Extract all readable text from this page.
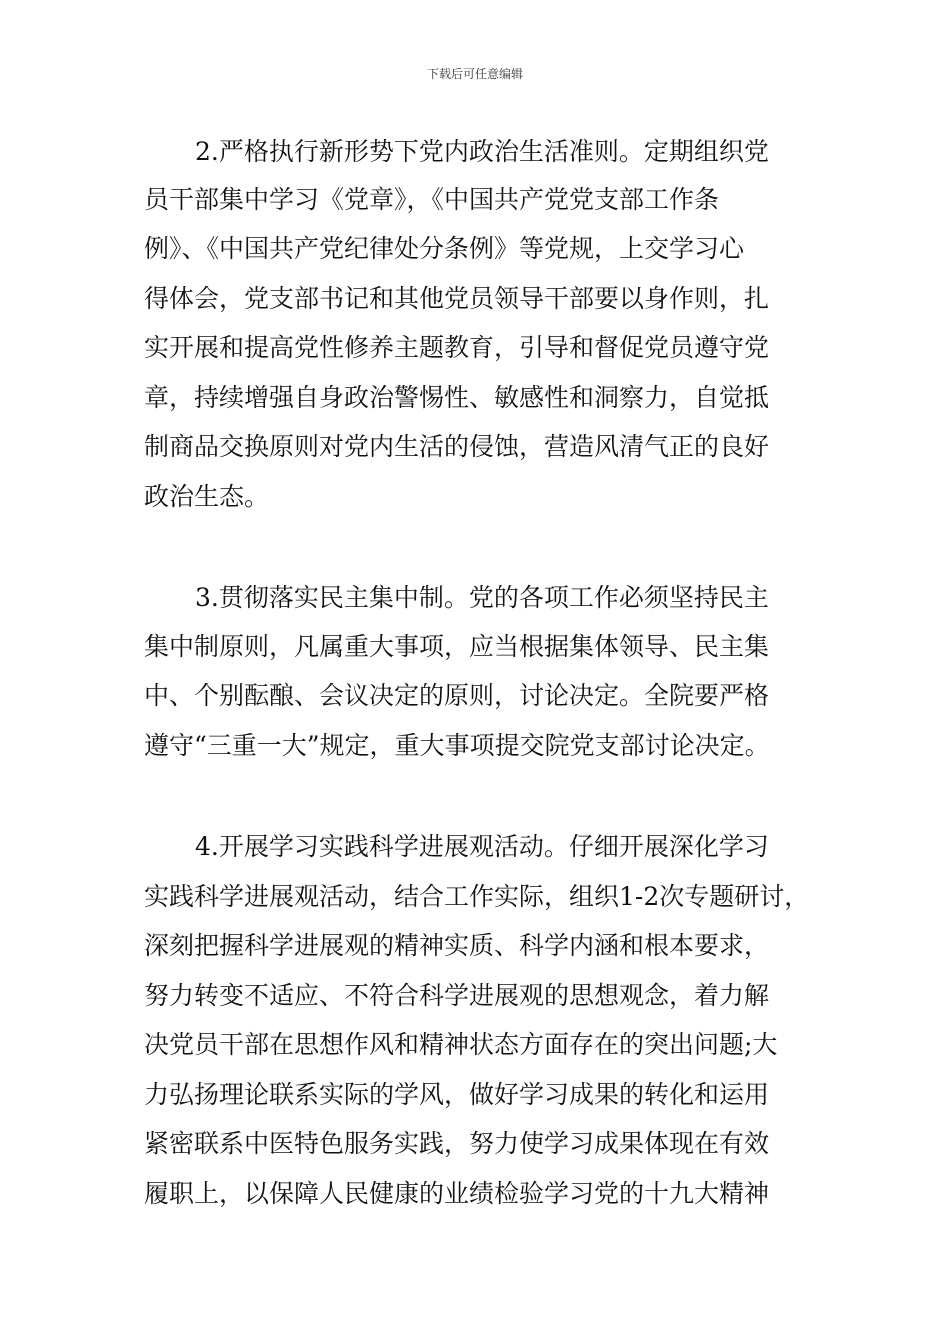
下载后可任意编辑
2.严格执行新形势下党内政治生活准则。定期组织党
员干部集中学习《党章》，《中国共产党党支部工作条
例》、《中国共产党纪律处分条例》等党规，上交学习心
得体会，党支部书记和其他党员领导干部要以身作则，扎
实开展和提高党性修养主题教育，引导和督促党员遵守党
章，持续增强自身政治警惕性、敏感性和洞察力，自觉抵
制商品交换原则对党内生活的侵蚀，营造风清气正的良好
政治生态。
3.贯彻落实民主集中制。党的各项工作必须坚持民主
集中制原则，凡属重大事项，应当根据集体领导、民主集
中、个别酝酿、会议决定的原则，讨论决定。全院要严格
遵守“三重一大”规定，重大事项提交院党支部讨论决定。
4.开展学习实践科学进展观活动。仔细开展深化学习
实践科学进展观活动，结合工作实际，组织1-2次专题研讨，
深刻把握科学进展观的精神实质、科学内涵和根本要求，
努力转变不适应、不符合科学进展观的思想观念，着力解
决党员干部在思想作风和精神状态方面存在的突出问题;大
力弘扬理论联系实际的学风，做好学习成果的转化和运用
紧密联系中医特色服务实践，努力使学习成果体现在有效
履职上，以保障人民健康的业绩检验学习党的十九大精神
